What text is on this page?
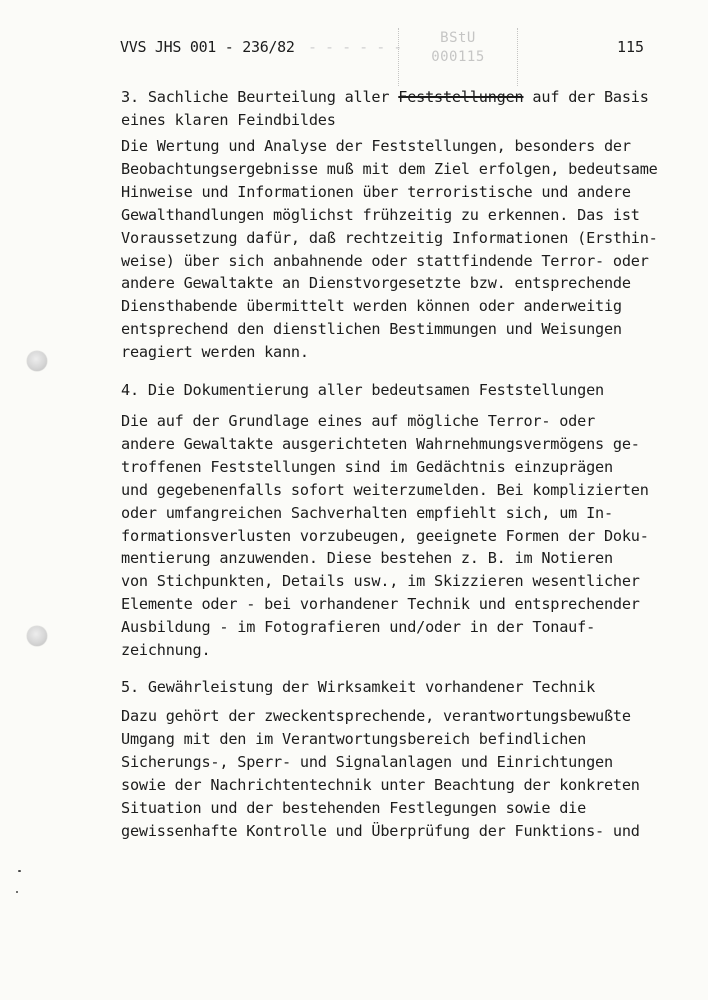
VVS JHS 001 - 236/82 - - - - - -	BStU
000115
115
3. Sachliche Beurteilung aller Feststellungen auf der Basis
eines klaren Feindbildes
Die Wertung und Analyse der Feststellungen, besonders der
Beobachtungsergebnisse muß mit dem Ziel erfolgen, bedeutsame
Hinweise und Informationen über terroristische und andere
Gewalthandlungen möglichst frühzeitig zu erkennen. Das ist
Voraussetzung dafür, daß rechtzeitig Informationen (Ersthin-
weise) über sich anbahnende oder stattfindende Terror- oder
andere Gewaltakte an Dienstvorgesetzte bzw. entsprechende
Diensthabende übermittelt werden können oder anderweitig
entsprechend den dienstlichen Bestimmungen und Weisungen
reagiert werden kann.
4. Die Dokumentierung aller bedeutsamen Feststellungen
Die auf der Grundlage eines auf mögliche Terror- oder
andere Gewaltakte ausgerichteten Wahrnehmungsvermögens ge-
troffenen Feststellungen sind im Gedächtnis einzuprägen
und gegebenenfalls sofort weiterzumelden. Bei komplizierten
oder umfangreichen Sachverhalten empfiehlt sich, um In-
formationsverlusten vorzubeugen, geeignete Formen der Doku-
mentierung anzuwenden. Diese bestehen z. B. im Notieren
von Stichpunkten, Details usw., im Skizzieren wesentlicher
Elemente oder - bei vorhandener Technik und entsprechender
Ausbildung - im Fotografieren und/oder in der Tonauf-
zeichnung.
5. Gewährleistung der Wirksamkeit vorhandener Technik
Dazu gehört der zweckentsprechende, verantwortungsbewußte
Umgang mit den im Verantwortungsbereich befindlichen
Sicherungs-, Sperr- und Signalanlagen und Einrichtungen
sowie der Nachrichtentechnik unter Beachtung der konkreten
Situation und der bestehenden Festlegungen sowie die
gewissenhafte Kontrolle und Überprüfung der Funktions- und
